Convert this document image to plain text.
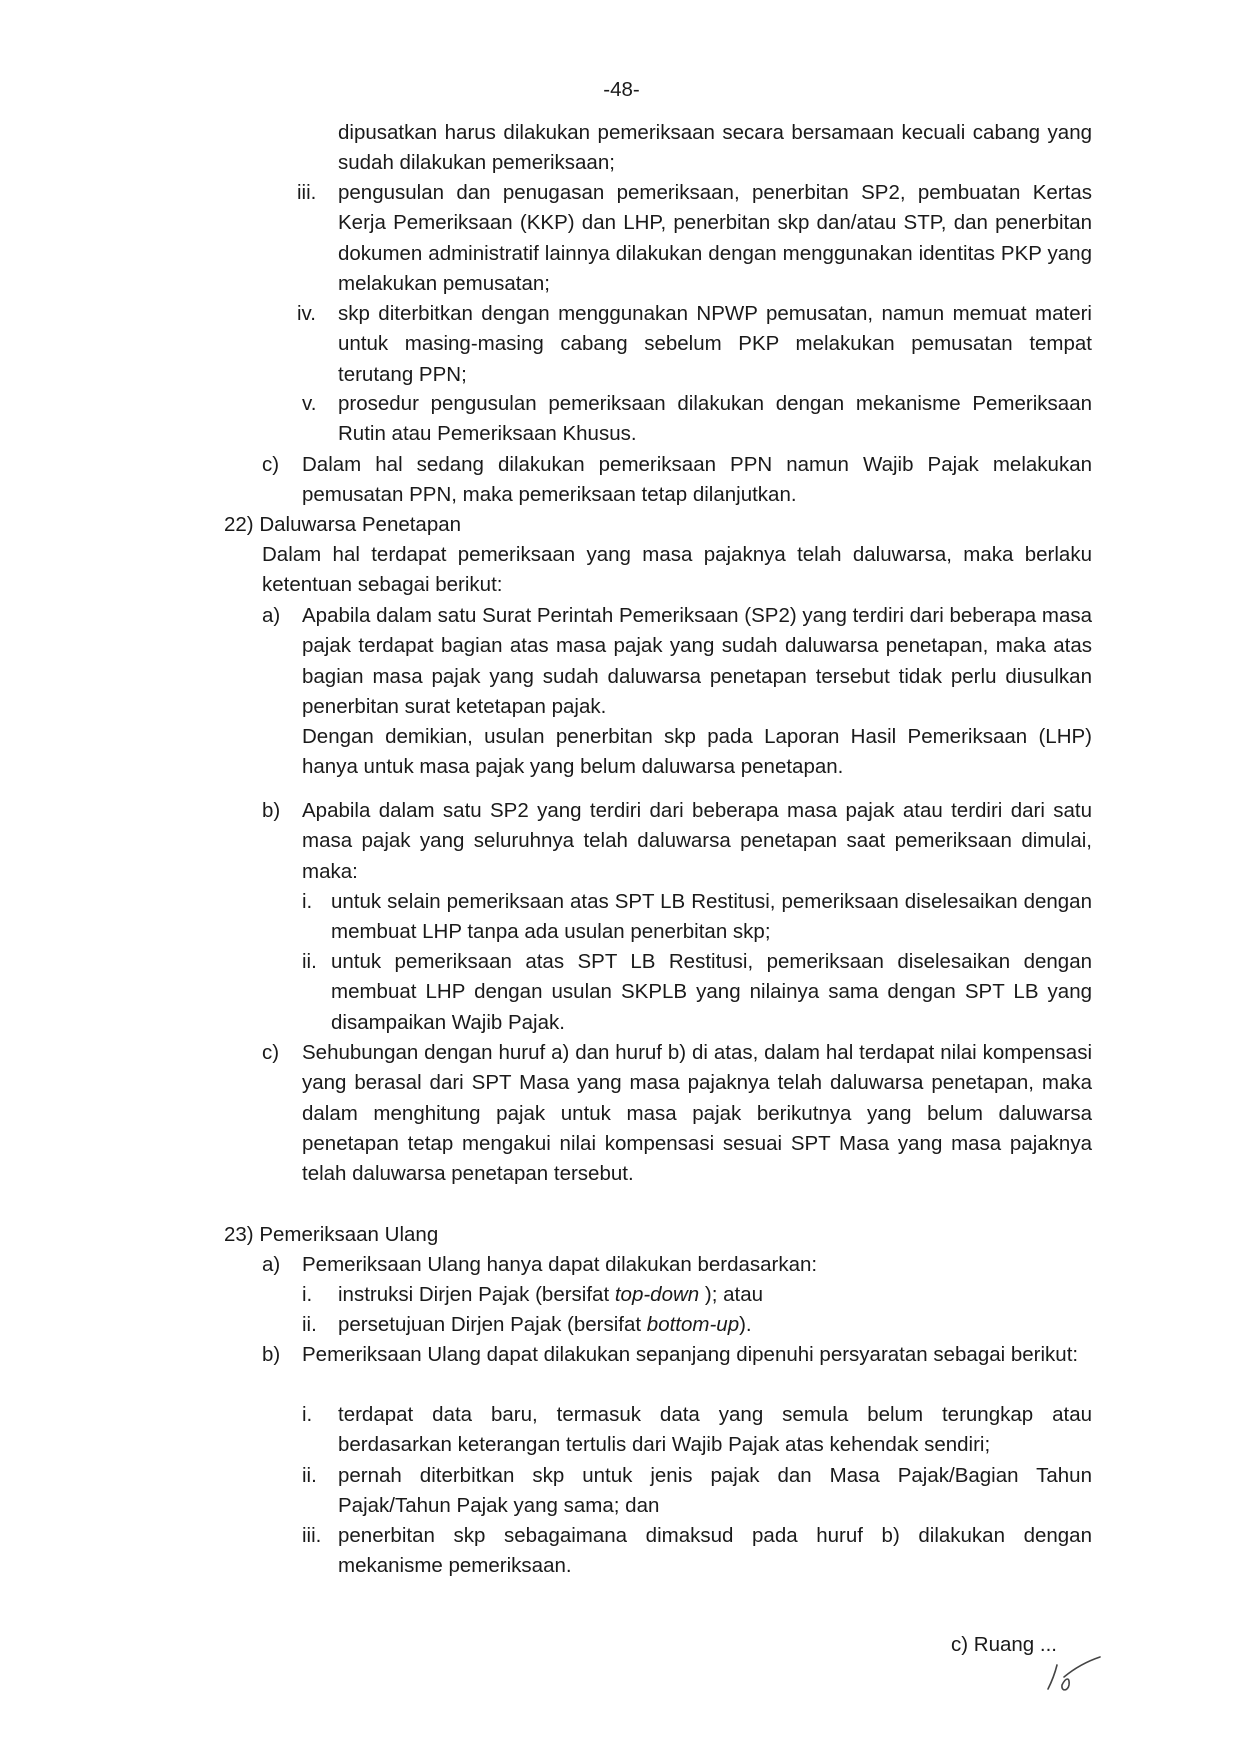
-48-
dipusatkan harus dilakukan pemeriksaan secara bersamaan kecuali cabang yang sudah dilakukan pemeriksaan;
iii. pengusulan dan penugasan pemeriksaan, penerbitan SP2, pembuatan Kertas Kerja Pemeriksaan (KKP) dan LHP, penerbitan skp dan/atau STP, dan penerbitan dokumen administratif lainnya dilakukan dengan menggunakan identitas PKP yang melakukan pemusatan;
iv. skp diterbitkan dengan menggunakan NPWP pemusatan, namun memuat materi untuk masing-masing cabang sebelum PKP melakukan pemusatan tempat terutang PPN;
v. prosedur pengusulan pemeriksaan dilakukan dengan mekanisme Pemeriksaan Rutin atau Pemeriksaan Khusus.
c) Dalam hal sedang dilakukan pemeriksaan PPN namun Wajib Pajak melakukan pemusatan PPN, maka pemeriksaan tetap dilanjutkan.
22) Daluwarsa Penetapan
Dalam hal terdapat pemeriksaan yang masa pajaknya telah daluwarsa, maka berlaku ketentuan sebagai berikut:
a) Apabila dalam satu Surat Perintah Pemeriksaan (SP2) yang terdiri dari beberapa masa pajak terdapat bagian atas masa pajak yang sudah daluwarsa penetapan, maka atas bagian masa pajak yang sudah daluwarsa penetapan tersebut tidak perlu diusulkan penerbitan surat ketetapan pajak.
Dengan demikian, usulan penerbitan skp pada Laporan Hasil Pemeriksaan (LHP) hanya untuk masa pajak yang belum daluwarsa penetapan.
b) Apabila dalam satu SP2 yang terdiri dari beberapa masa pajak atau terdiri dari satu masa pajak yang seluruhnya telah daluwarsa penetapan saat pemeriksaan dimulai, maka:
i. untuk selain pemeriksaan atas SPT LB Restitusi, pemeriksaan diselesaikan dengan membuat LHP tanpa ada usulan penerbitan skp;
ii. untuk pemeriksaan atas SPT LB Restitusi, pemeriksaan diselesaikan dengan membuat LHP dengan usulan SKPLB yang nilainya sama dengan SPT LB yang disampaikan Wajib Pajak.
c) Sehubungan dengan huruf a) dan huruf b) di atas, dalam hal terdapat nilai kompensasi yang berasal dari SPT Masa yang masa pajaknya telah daluwarsa penetapan, maka dalam menghitung pajak untuk masa pajak berikutnya yang belum daluwarsa penetapan tetap mengakui nilai kompensasi sesuai SPT Masa yang masa pajaknya telah daluwarsa penetapan tersebut.
23) Pemeriksaan Ulang
a) Pemeriksaan Ulang hanya dapat dilakukan berdasarkan:
i. instruksi Dirjen Pajak (bersifat top-down ); atau
ii. persetujuan Dirjen Pajak (bersifat bottom-up).
b) Pemeriksaan Ulang dapat dilakukan sepanjang dipenuhi persyaratan sebagai berikut:
i. terdapat data baru, termasuk data yang semula belum terungkap atau berdasarkan keterangan tertulis dari Wajib Pajak atas kehendak sendiri;
ii. pernah diterbitkan skp untuk jenis pajak dan Masa Pajak/Bagian Tahun Pajak/Tahun Pajak yang sama; dan
iii. penerbitan skp sebagaimana dimaksud pada huruf b) dilakukan dengan mekanisme pemeriksaan.
c) Ruang ...
